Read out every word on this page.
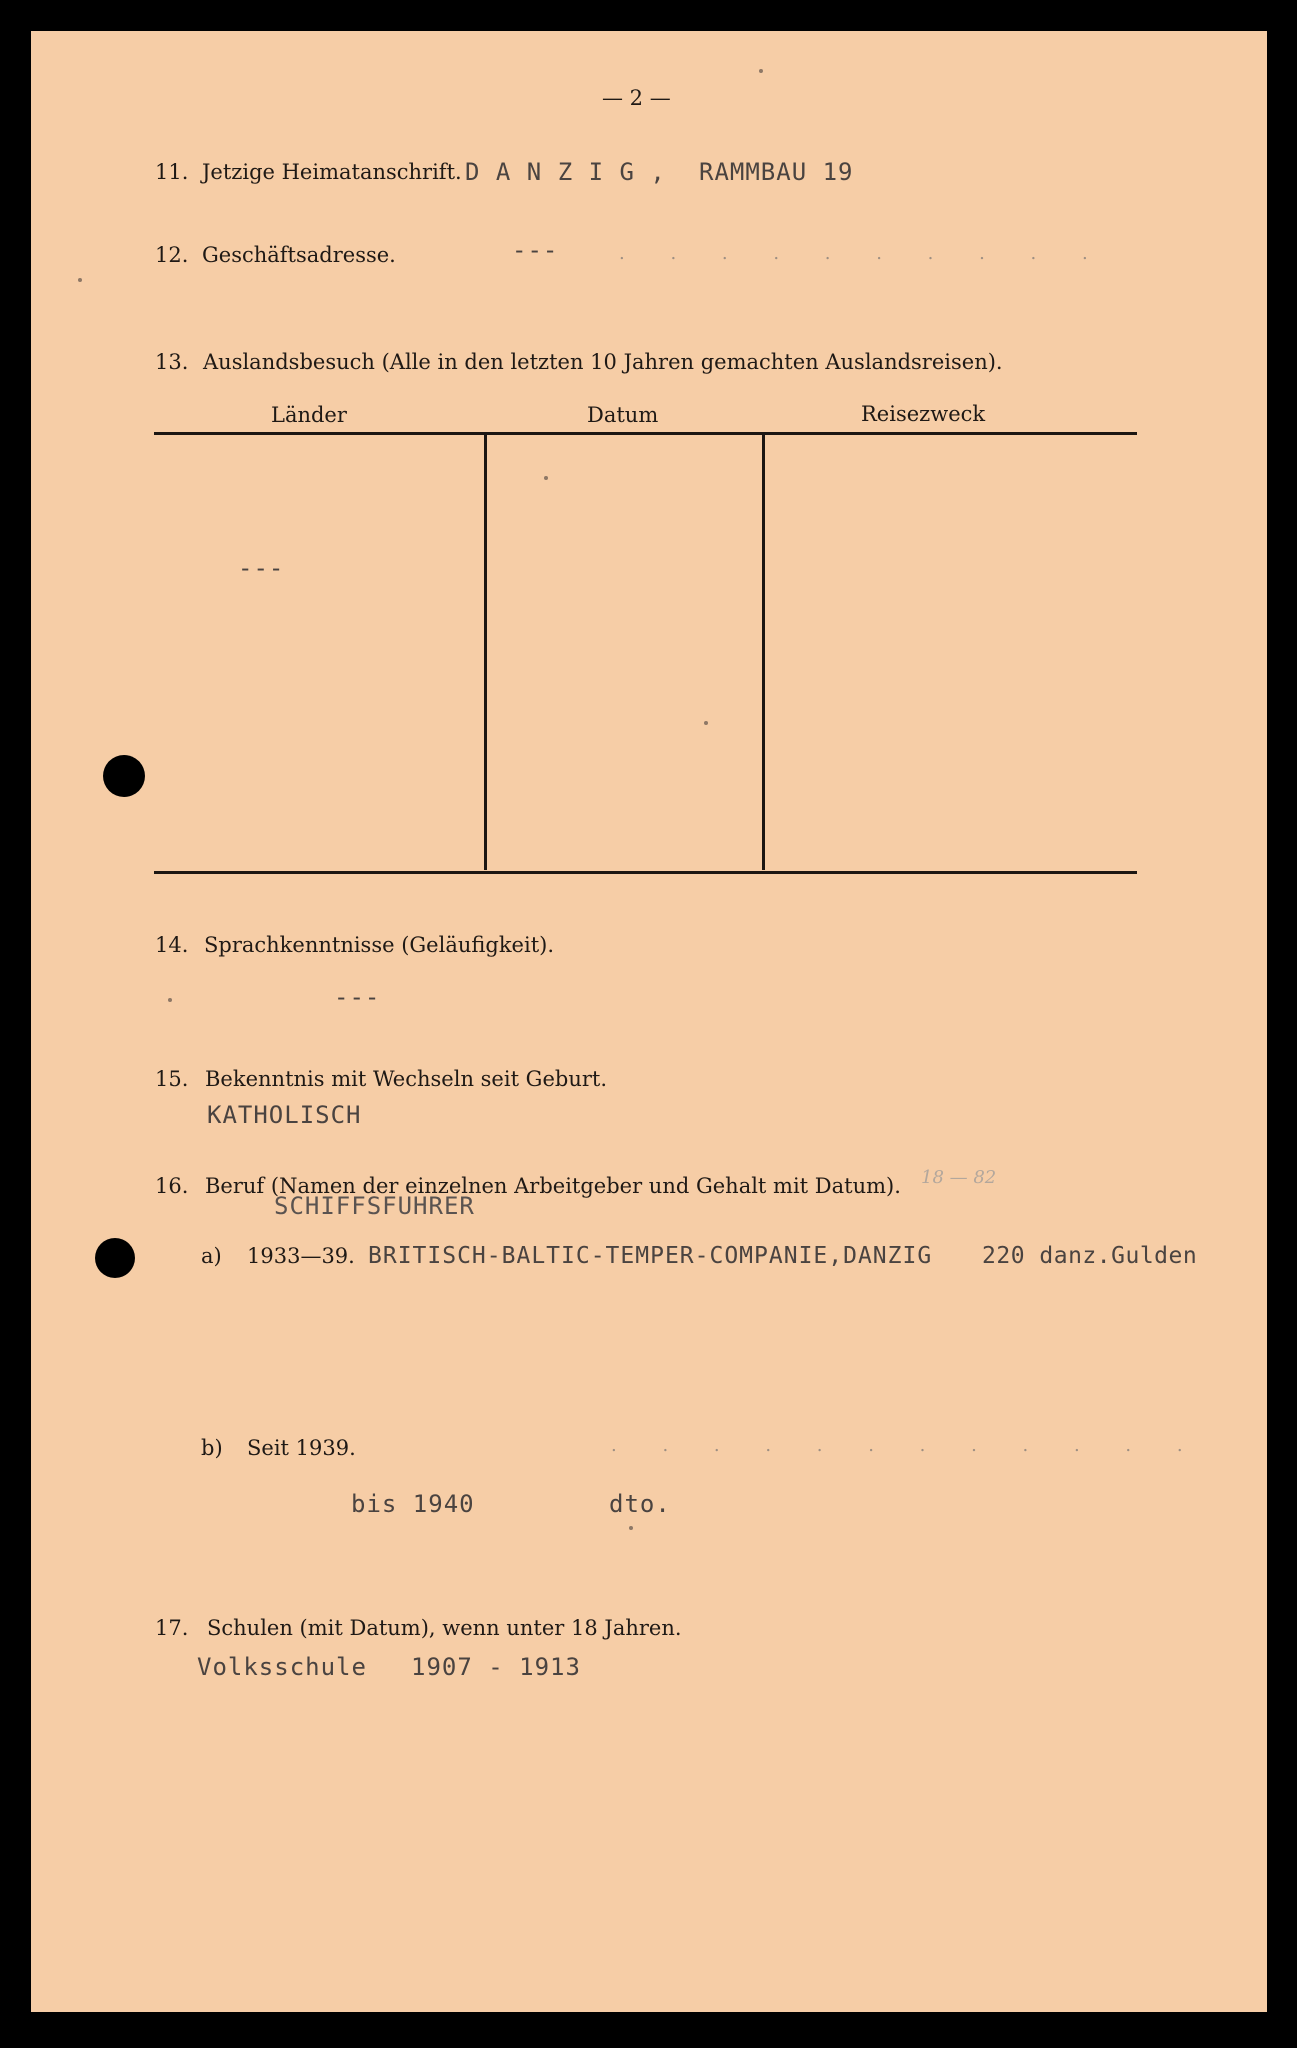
— 2 —
11. Jetzige Heimatanschrift. D A N Z I G , RAMMBAU 19
12. Geschäftsadresse.	---	. . . . . . . . . .
13. Auslandsbesuch (Alle in den letzten 10 Jahren gemachten Auslandsreisen).
Länder	Datum	Reisezweck
---
14. Sprachkenntnisse (Geläufigkeit).
---
15. Bekenntnis mit Wechseln seit Geburt.
KATHOLISCH
16. Beruf (Namen der einzelnen Arbeitgeber und Gehalt mit Datum).
SCHIFFSFUHRER
18 — 82
a) 1933—39. BRITISCH-BALTIC-TEMPER-COMPANIE,DANZIG 220 danz.Gulden
b) Seit 1939.	. . . . . . . . . . . .
bis 1940	dto.
17. Schulen (mit Datum), wenn unter 18 Jahren.
Volksschule 1907 - 1913
